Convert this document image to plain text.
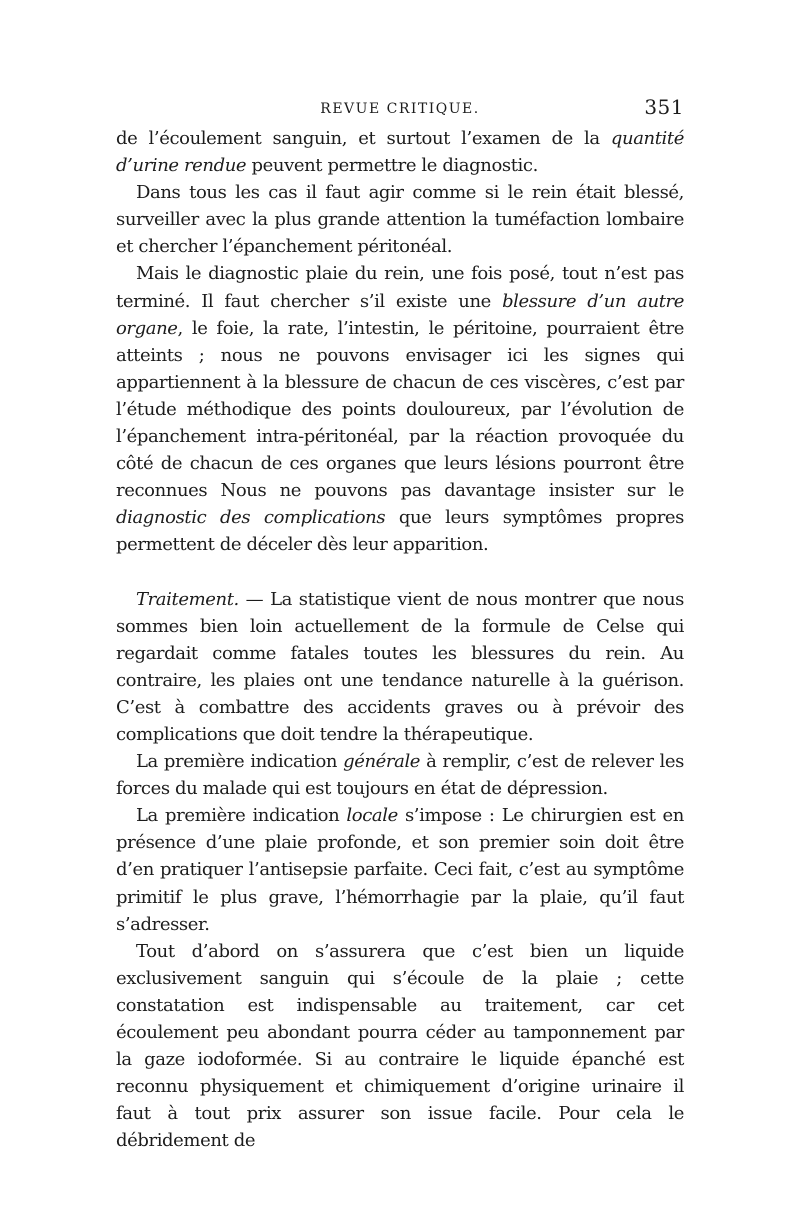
REVUE CRITIQUE.	351

de l’écoulement sanguin, et surtout l’examen de la quantité d’urine rendue peuvent permettre le diagnostic.

Dans tous les cas il faut agir comme si le rein était blessé, surveiller avec la plus grande attention la tuméfaction lombaire et chercher l’épanchement péritonéal.

Mais le diagnostic plaie du rein, une fois posé, tout n’est pas terminé. Il faut chercher s’il existe une blessure d’un autre organe, le foie, la rate, l’intestin, le péritoine, pourraient être atteints ; nous ne pouvons envisager ici les signes qui appartiennent à la blessure de chacun de ces viscères, c’est par l’étude méthodique des points douloureux, par l’évolution de l’épanchement intra-péritonéal, par la réaction provoquée du côté de chacun de ces organes que leurs lésions pourront être reconnues Nous ne pouvons pas davantage insister sur le diagnostic des complications que leurs symptômes propres permettent de déceler dès leur apparition.

Traitement. — La statistique vient de nous montrer que nous sommes bien loin actuellement de la formule de Celse qui regardait comme fatales toutes les blessures du rein. Au contraire, les plaies ont une tendance naturelle à la guérison. C’est à combattre des accidents graves ou à prévoir des complications que doit tendre la thérapeutique.

La première indication générale à remplir, c’est de relever les forces du malade qui est toujours en état de dépression.

La première indication locale s’impose : Le chirurgien est en présence d’une plaie profonde, et son premier soin doit être d’en pratiquer l’antisepsie parfaite. Ceci fait, c’est au symptôme primitif le plus grave, l’hémorrhagie par la plaie, qu’il faut s’adresser.

Tout d’abord on s’assurera que c’est bien un liquide exclusivement sanguin qui s’écoule de la plaie ; cette constatation est indispensable au traitement, car cet écoulement peu abondant pourra céder au tamponnement par la gaze iodoformée. Si au contraire le liquide épanché est reconnu physiquement et chimiquement d’origine urinaire il faut à tout prix assurer son issue facile. Pour cela le débridement de
